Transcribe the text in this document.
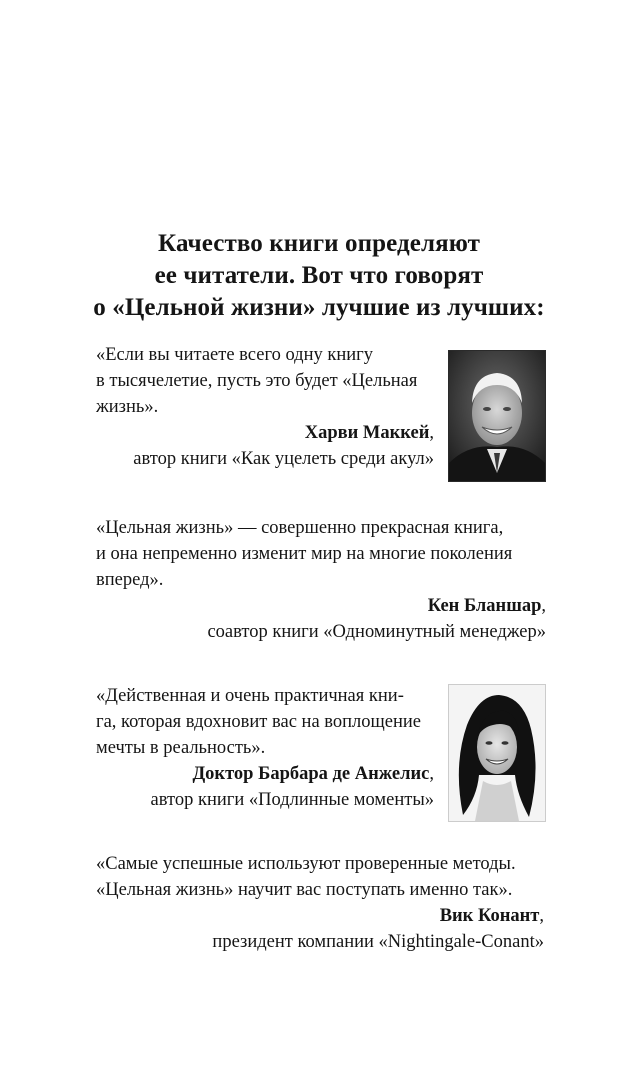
Качество книги определяют
ее читатели. Вот что говорят
о «Цельной жизни» лучшие из лучших:
«Если вы читаете всего одну книгу
в тысячелетие, пусть это будет «Цельная
жизнь».
Харви Маккей,
автор книги «Как уцелеть среди акул»
«Цельная жизнь» — совершенно прекрасная книга,
и она непременно изменит мир на многие поколения
вперед».
Кен Бланшар,
соавтор книги «Одноминутный менеджер»
«Действенная и очень практичная кни-
га, которая вдохновит вас на воплощение
мечты в реальность».
Доктор Барбара де Анжелис,
автор книги «Подлинные моменты»
«Самые успешные используют проверенные методы.
«Цельная жизнь» научит вас поступать именно так».
Вик Конант,
президент компании «Nightingale-Conant»
